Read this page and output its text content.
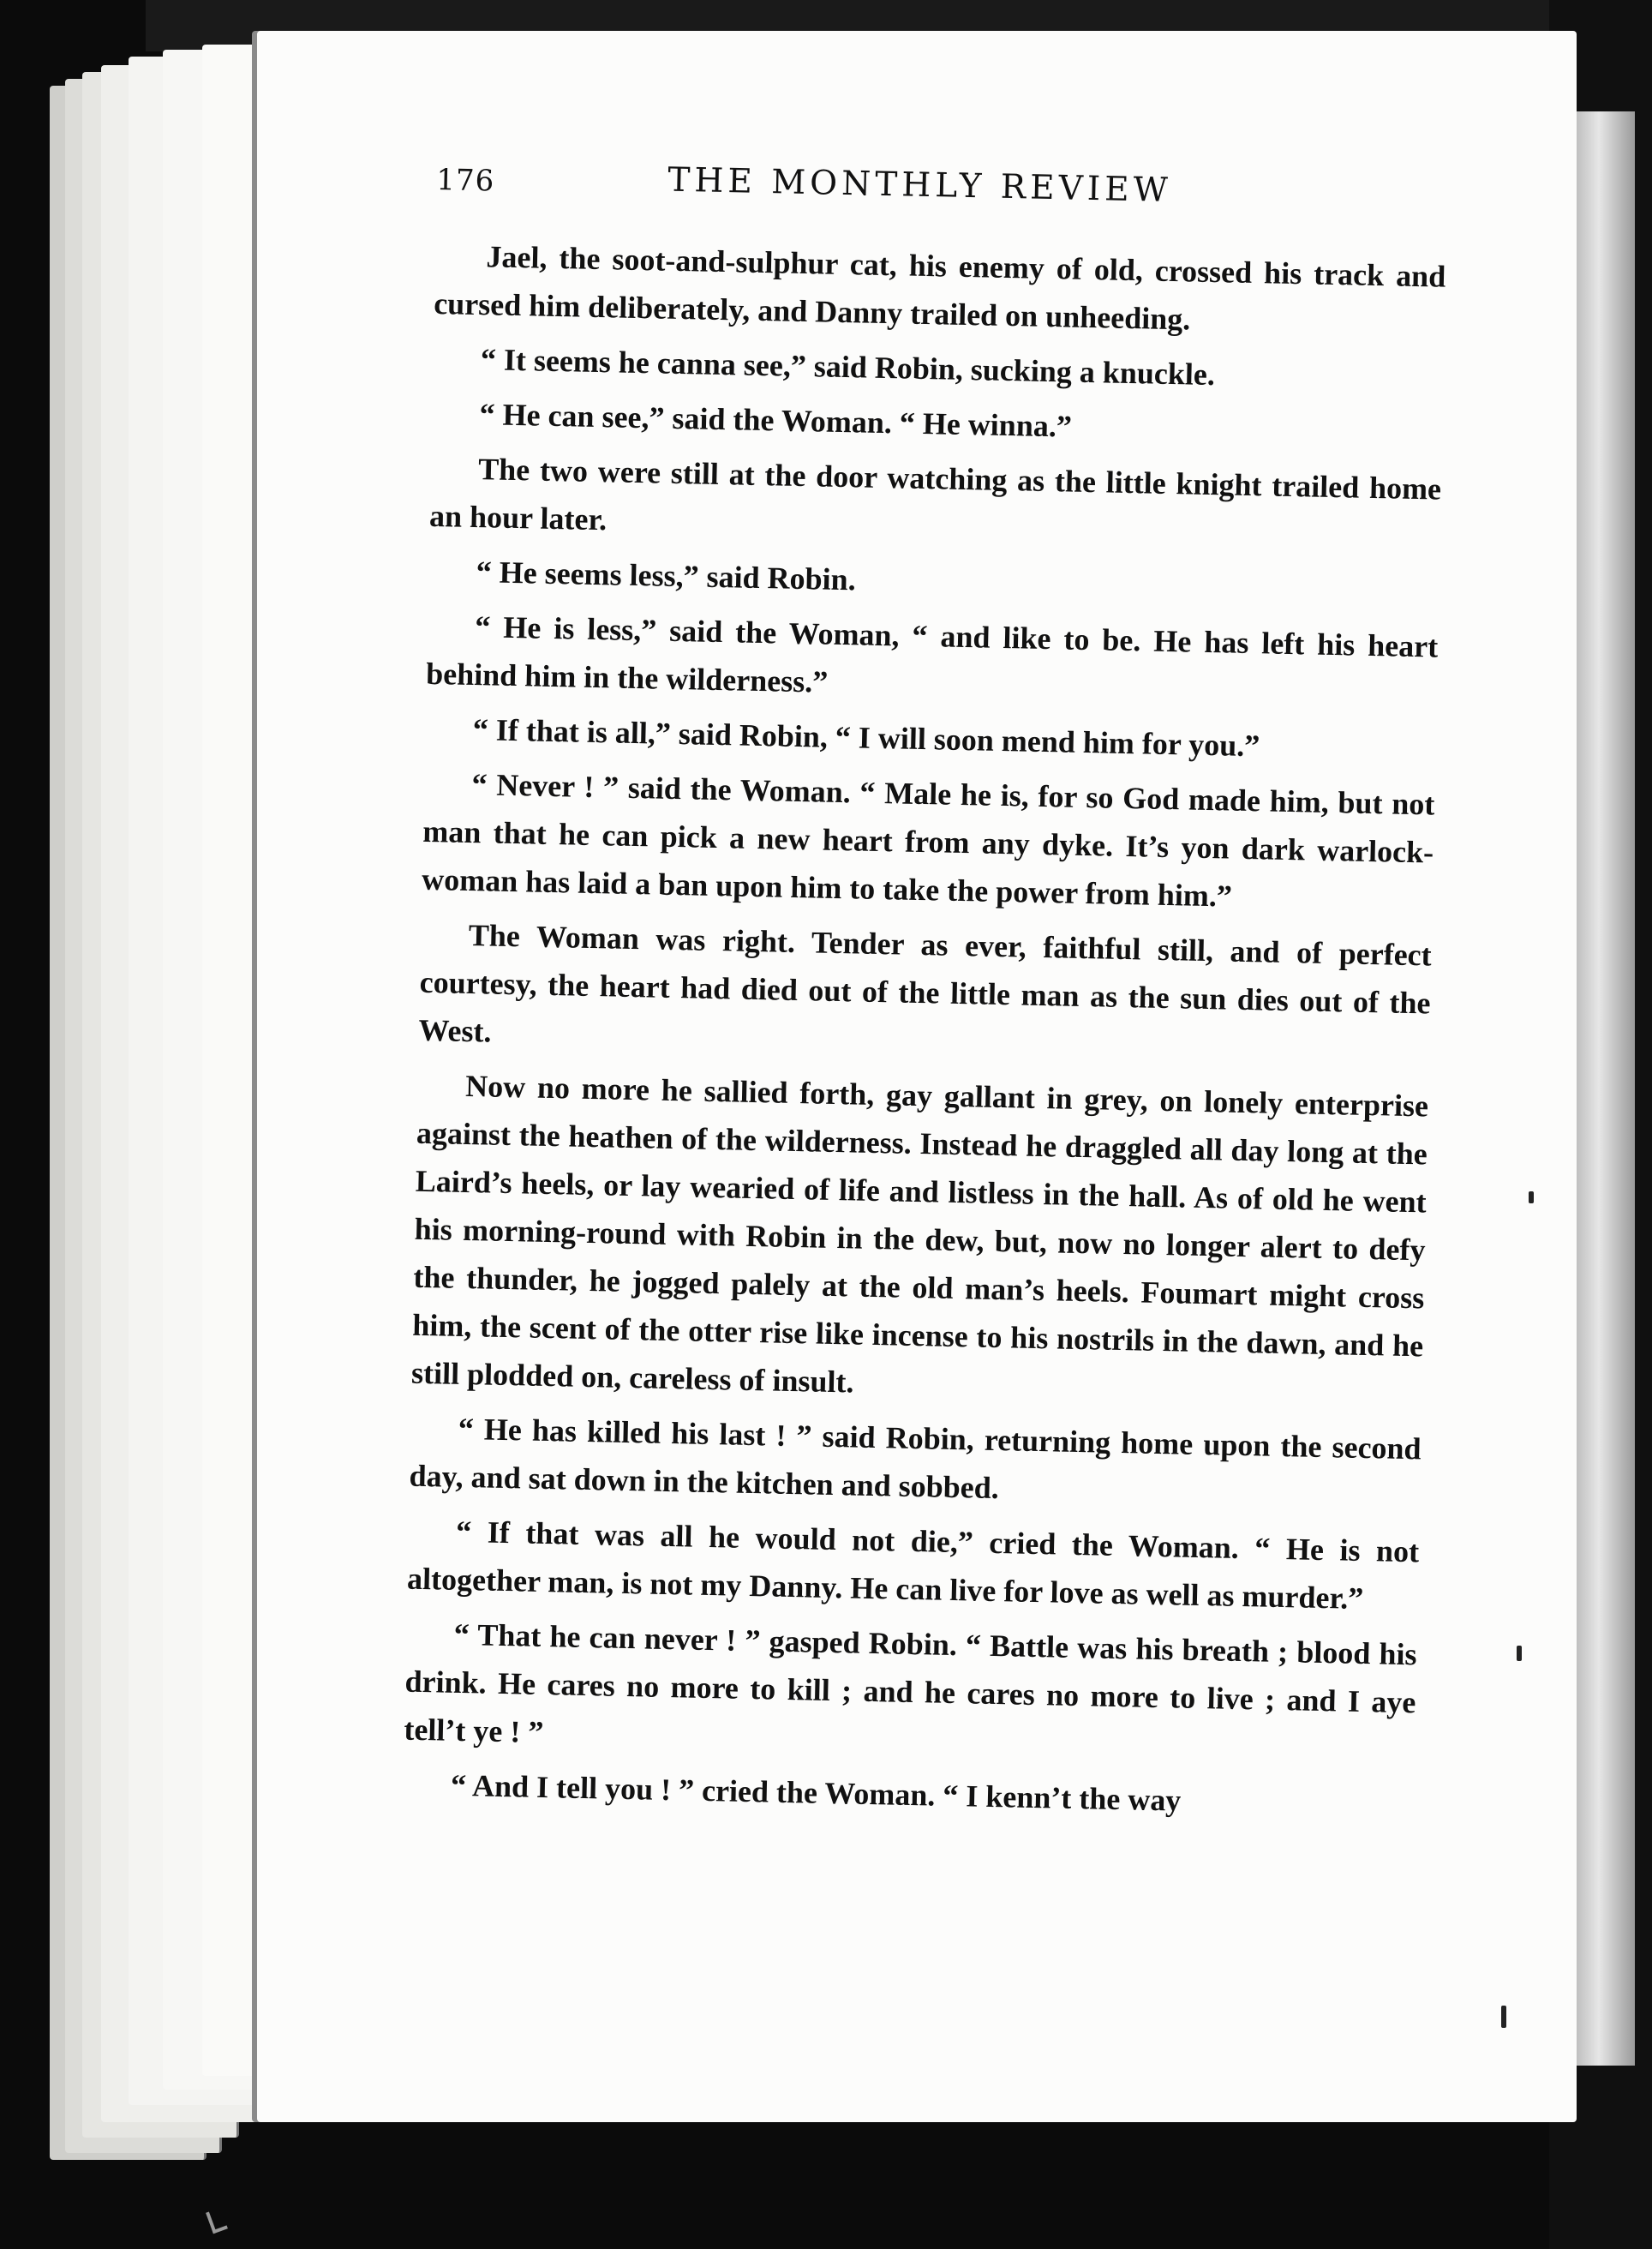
176	THE MONTHLY REVIEW

Jael, the soot-and-sulphur cat, his enemy of old, crossed his track and cursed him deliberately, and Danny trailed on unheeding.

“ It seems he canna see,” said Robin, sucking a knuckle.

“ He can see,” said the Woman. “ He winna.”

The two were still at the door watching as the little knight trailed home an hour later.

“ He seems less,” said Robin.

“ He is less,” said the Woman, “ and like to be. He has left his heart behind him in the wilderness.”

“ If that is all,” said Robin, “ I will soon mend him for you.”

“ Never ! ” said the Woman. “ Male he is, for so God made him, but not man that he can pick a new heart from any dyke. It’s yon dark warlock-woman has laid a ban upon him to take the power from him.”

The Woman was right. Tender as ever, faithful still, and of perfect courtesy, the heart had died out of the little man as the sun dies out of the West.

Now no more he sallied forth, gay gallant in grey, on lonely enterprise against the heathen of the wilderness. Instead he draggled all day long at the Laird’s heels, or lay wearied of life and listless in the hall. As of old he went his morning-round with Robin in the dew, but, now no longer alert to defy the thunder, he jogged palely at the old man’s heels. Foumart might cross him, the scent of the otter rise like incense to his nostrils in the dawn, and he still plodded on, careless of insult.

“ He has killed his last ! ” said Robin, returning home upon the second day, and sat down in the kitchen and sobbed.

“ If that was all he would not die,” cried the Woman. “ He is not altogether man, is not my Danny. He can live for love as well as murder.”

“ That he can never ! ” gasped Robin. “ Battle was his breath ; blood his drink. He cares no more to kill ; and he cares no more to live ; and I aye tell’t ye ! ”

“ And I tell you ! ” cried the Woman. “ I kenn’t the way
